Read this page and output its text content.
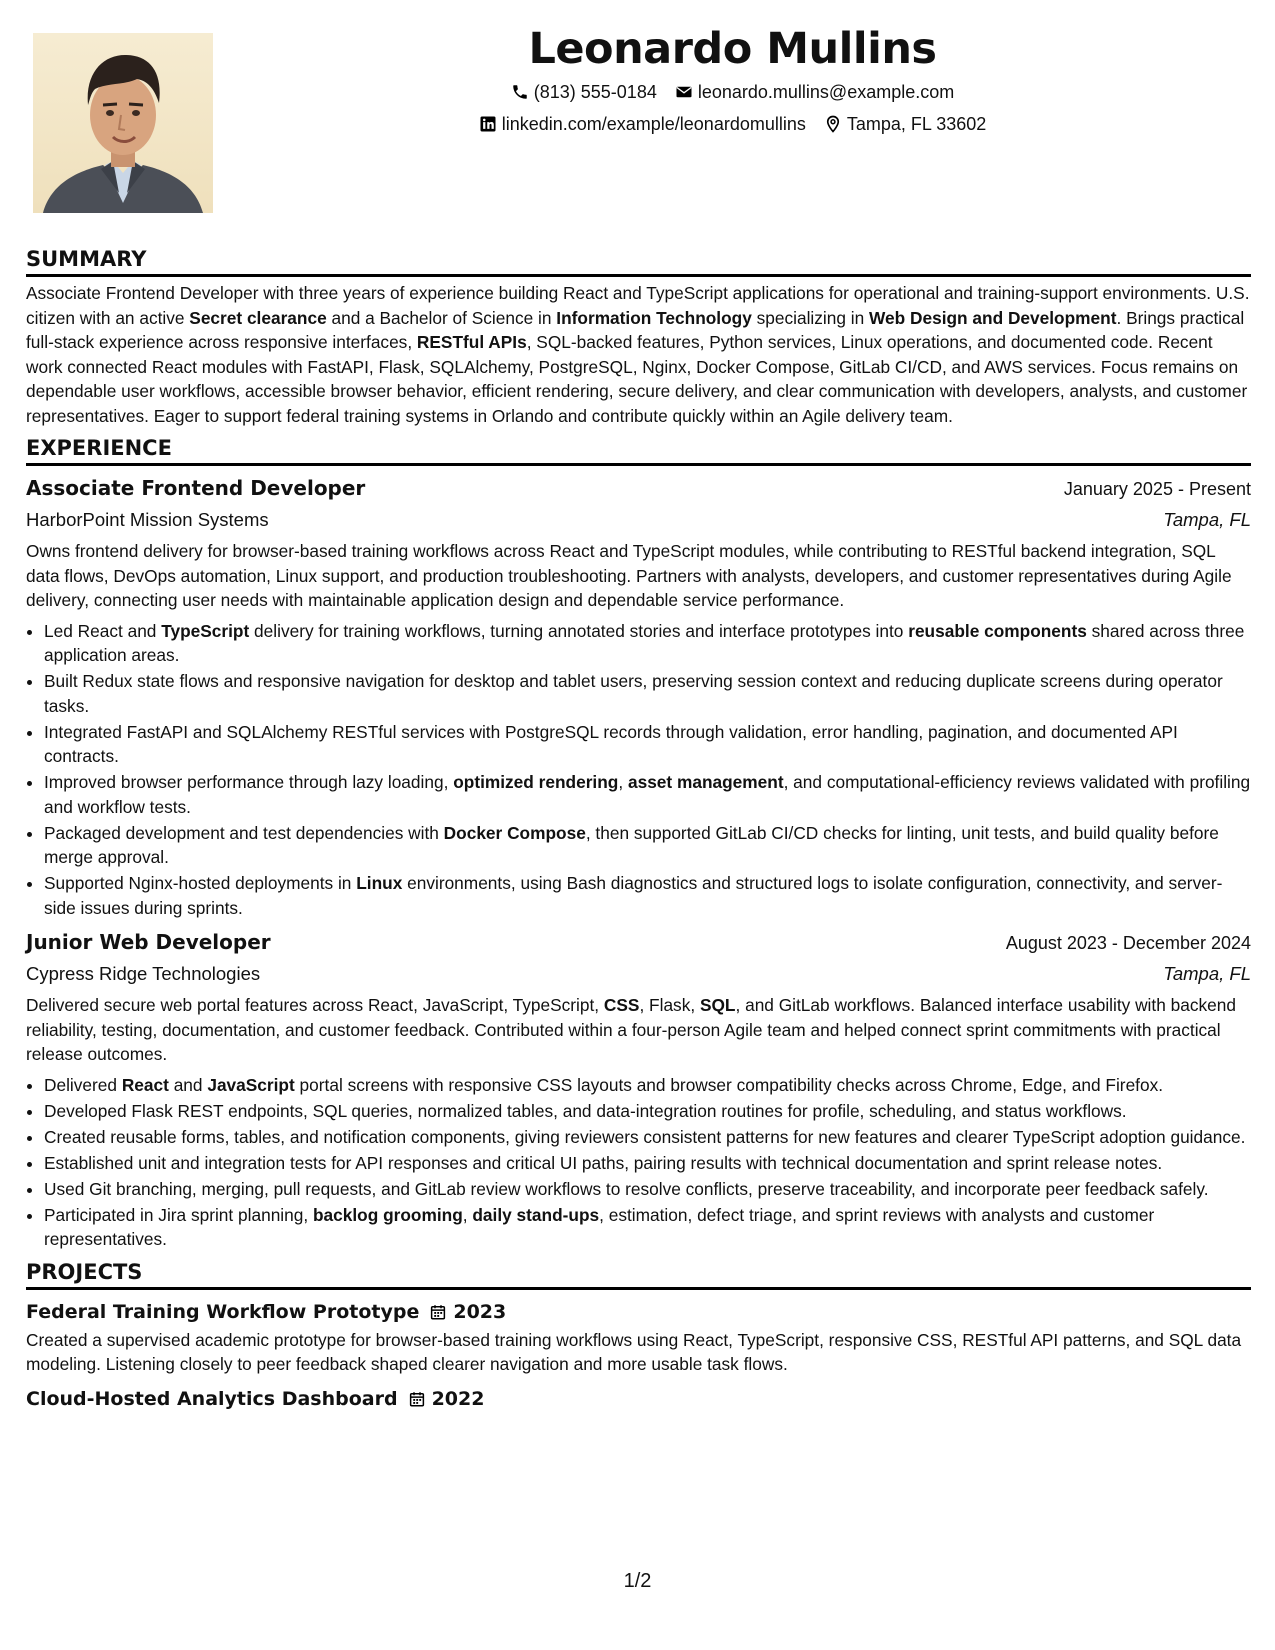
Leonardo Mullins
(813) 555-0184 leonardo.mullins@example.com
linkedin.com/example/leonardomullins Tampa, FL 33602
SUMMARY

Associate Frontend Developer with three years of experience building React and TypeScript applications for operational and training-support environments. U.S. citizen with an active Secret clearance and a Bachelor of Science in Information Technology specializing in Web Design and Development. Brings practical full-stack experience across responsive interfaces, RESTful APIs, SQL-backed features, Python services, Linux operations, and documented code. Recent work connected React modules with FastAPI, Flask, SQLAlchemy, PostgreSQL, Nginx, Docker Compose, GitLab CI/CD, and AWS services. Focus remains on dependable user workflows, accessible browser behavior, efficient rendering, secure delivery, and clear communication with developers, analysts, and customer representatives. Eager to support federal training systems in Orlando and contribute quickly within an Agile delivery team.

EXPERIENCE
Associate Frontend Developer	January 2025 - Present
HarborPoint Mission Systems	Tampa, FL

Owns frontend delivery for browser-based training workflows across React and TypeScript modules, while contributing to RESTful backend integration, SQL data flows, DevOps automation, Linux support, and production troubleshooting. Partners with analysts, developers, and customer representatives during Agile delivery, connecting user needs with maintainable application design and dependable service performance.

• Led React and TypeScript delivery for training workflows, turning annotated stories and interface prototypes into reusable components shared across three application areas.
• Built Redux state flows and responsive navigation for desktop and tablet users, preserving session context and reducing duplicate screens during operator tasks.
• Integrated FastAPI and SQLAlchemy RESTful services with PostgreSQL records through validation, error handling, pagination, and documented API contracts.
• Improved browser performance through lazy loading, optimized rendering, asset management, and computational-efficiency reviews validated with profiling and workflow tests.
• Packaged development and test dependencies with Docker Compose, then supported GitLab CI/CD checks for linting, unit tests, and build quality before merge approval.
• Supported Nginx-hosted deployments in Linux environments, using Bash diagnostics and structured logs to isolate configuration, connectivity, and server-side issues during sprints.
Junior Web Developer	August 2023 - December 2024
Cypress Ridge Technologies	Tampa, FL

Delivered secure web portal features across React, JavaScript, TypeScript, CSS, Flask, SQL, and GitLab workflows. Balanced interface usability with backend reliability, testing, documentation, and customer feedback. Contributed within a four-person Agile team and helped connect sprint commitments with practical release outcomes.

• Delivered React and JavaScript portal screens with responsive CSS layouts and browser compatibility checks across Chrome, Edge, and Firefox.
• Developed Flask REST endpoints, SQL queries, normalized tables, and data-integration routines for profile, scheduling, and status workflows.
• Created reusable forms, tables, and notification components, giving reviewers consistent patterns for new features and clearer TypeScript adoption guidance.
• Established unit and integration tests for API responses and critical UI paths, pairing results with technical documentation and sprint release notes.
• Used Git branching, merging, pull requests, and GitLab review workflows to resolve conflicts, preserve traceability, and incorporate peer feedback safely.
• Participated in Jira sprint planning, backlog grooming, daily stand-ups, estimation, defect triage, and sprint reviews with analysts and customer representatives.
PROJECTS
Federal Training Workflow Prototype 2023

Created a supervised academic prototype for browser-based training workflows using React, TypeScript, responsive CSS, RESTful API patterns, and SQL data modeling. Listening closely to peer feedback shaped clearer navigation and more usable task flows.

Cloud-Hosted Analytics Dashboard 2022
1/2
